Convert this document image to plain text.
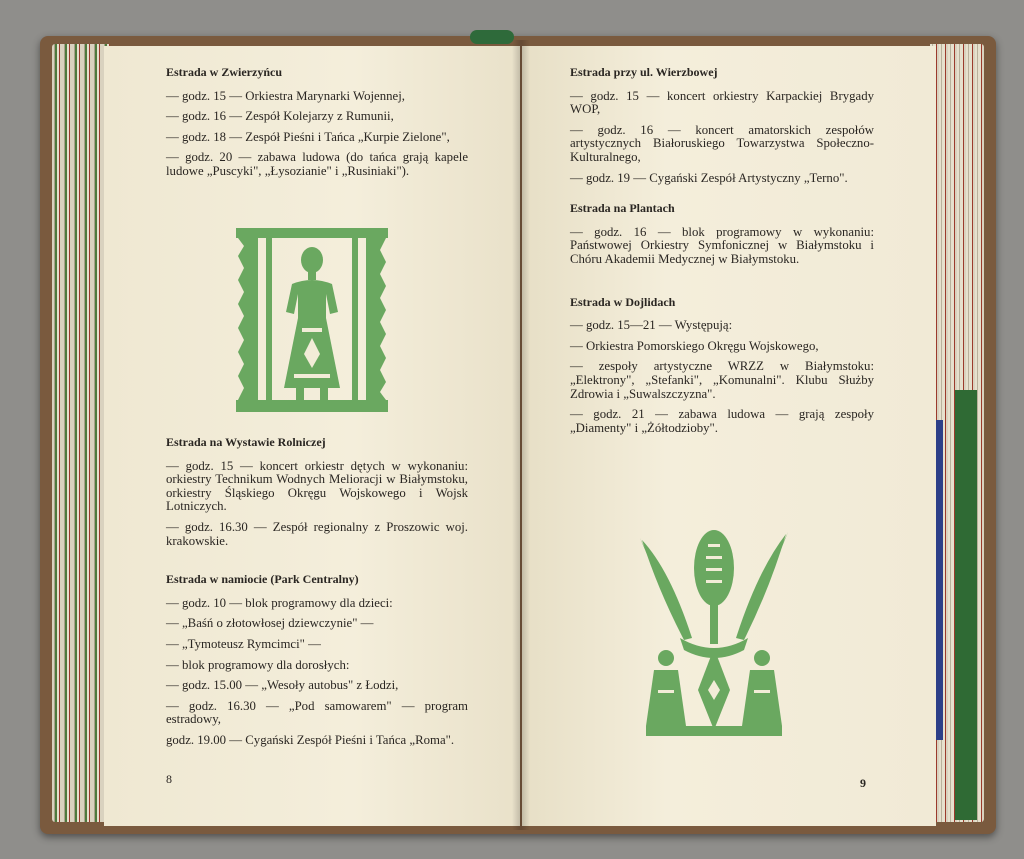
Estrada w Zwierzyńcu

— godz. 15 — Orkiestra Marynarki Wojennej,

— godz. 16 — Zespół Kolejarzy z Rumunii,

— godz. 18 — Zespół Pieśni i Tańca „Kurpie Zielone",

— godz. 20 — zabawa ludowa (do tańca grają kapele ludowe „Puscyki", „Łysozianie" i „Rusiniaki").

Estrada na Wystawie Rolniczej

— godz. 15 — koncert orkiestr dętych w wykonaniu: orkiestry Technikum Wodnych Melioracji w Białymstoku, orkiestry Śląskiego Okręgu Wojskowego i Wojsk Lotniczych.

— godz. 16.30 — Zespół regionalny z Proszowic woj. krakowskie.

Estrada w namiocie (Park Centralny)

— godz. 10 — blok programowy dla dzieci:

— „Baśń o złotowłosej dziewczynie" —

— „Tymoteusz Rymcimci" —

— blok programowy dla dorosłych:

— godz. 15.00 — „Wesoły autobus" z Łodzi,

— godz. 16.30 — „Pod samowarem" — program estradowy,

godz. 19.00 — Cygański Zespół Pieśni i Tańca „Roma".

8
Estrada przy ul. Wierzbowej

— godz. 15 — koncert orkiestry Karpackiej Brygady WOP,

— godz. 16 — koncert amatorskich zespołów artystycznych Białoruskiego Towarzystwa Społeczno-Kulturalnego,

— godz. 19 — Cygański Zespół Artystyczny „Terno".

Estrada na Plantach

— godz. 16 — blok programowy w wykonaniu: Państwowej Orkiestry Symfonicznej w Białymstoku i Chóru Akademii Medycznej w Białymstoku.

Estrada w Dojlidach

— godz. 15—21 — Występują:

— Orkiestra Pomorskiego Okręgu Wojskowego,

— zespoły artystyczne WRZZ w Białymstoku: „Elektrony", „Stefanki", „Komunalni". Klubu Służby Zdrowia i „Suwalszczyzna".

— godz. 21 — zabawa ludowa — grają zespoły „Diamenty" i „Żółtodzioby".

9
